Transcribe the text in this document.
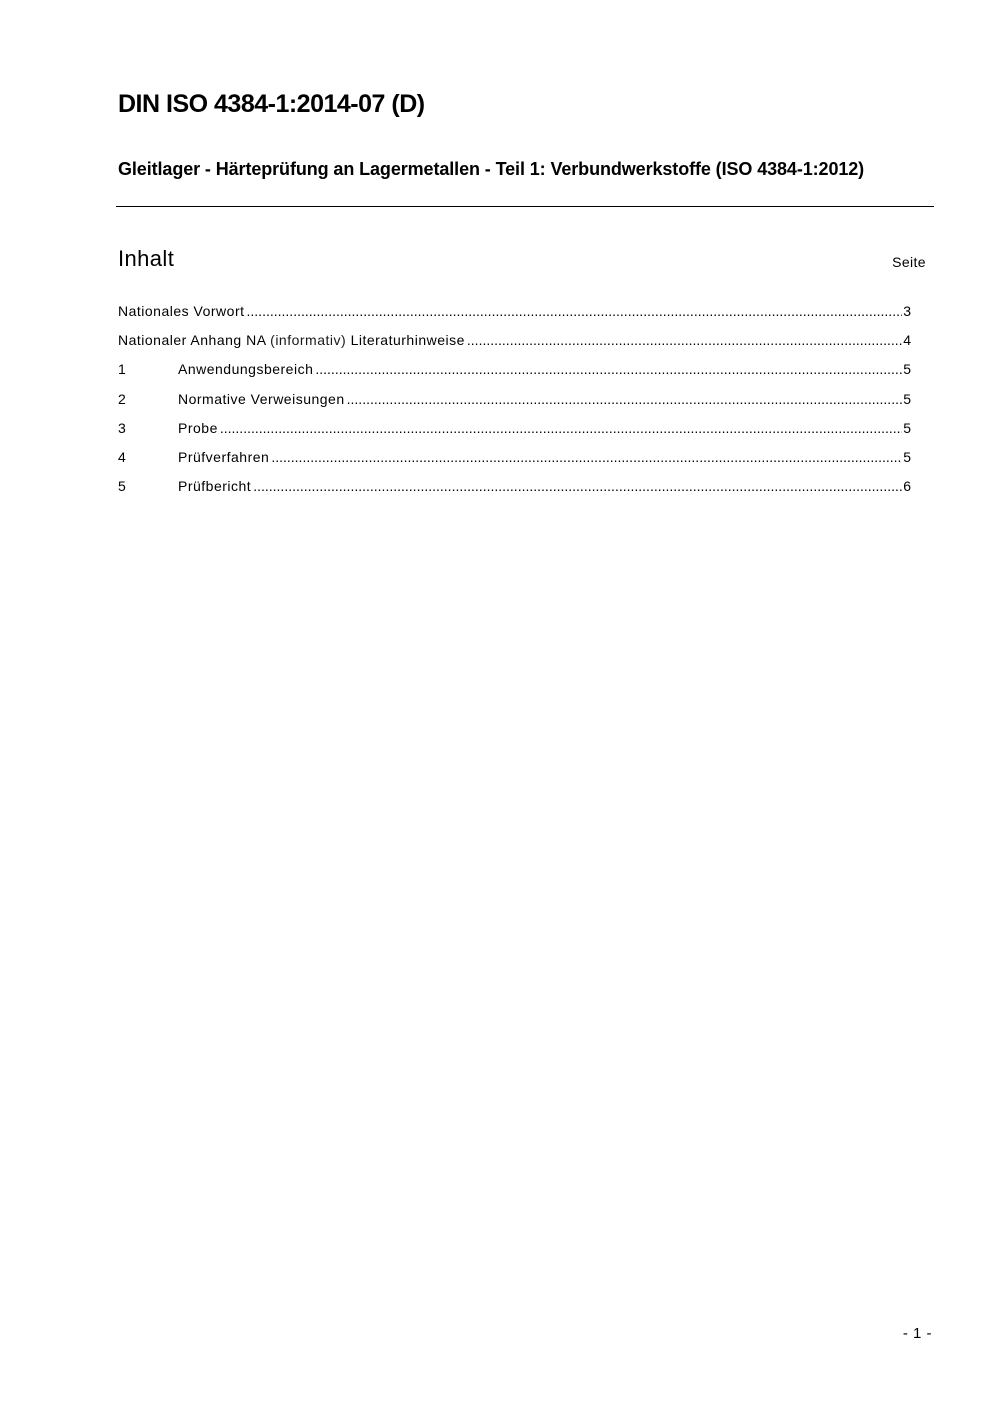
DIN ISO 4384-1:2014-07 (D)
Gleitlager - Härteprüfung an Lagermetallen - Teil 1: Verbundwerkstoffe (ISO 4384-1:2012)
Inhalt	Seite
Nationales Vorwort .....	3
Nationaler Anhang NA (informativ) Literaturhinweise .....	4
1	Anwendungsbereich .....	5
2	Normative Verweisungen .....	5
3	Probe .....	5
4	Prüfverfahren .....	5
5	Prüfbericht .....	6
- 1 -
